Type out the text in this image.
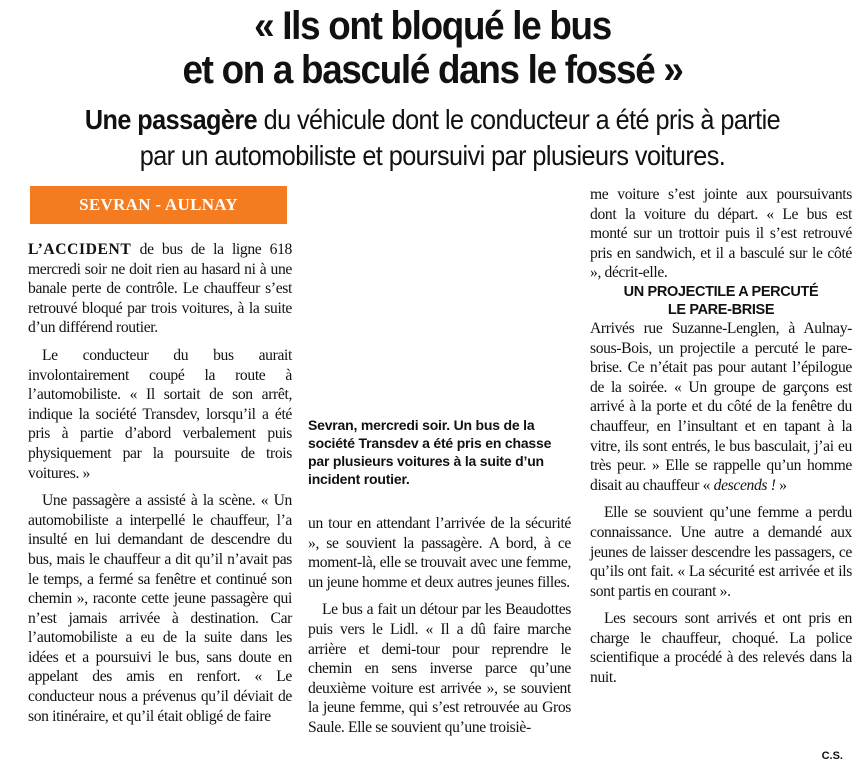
« Ils ont bloqué le bus
et on a basculé dans le fossé »

Une passagère du véhicule dont le conducteur a été pris à partie
par un automobiliste et poursuivi par plusieurs voitures.

SEVRAN - AULNAY

L’ACCIDENT de bus de la ligne 618 mercredi soir ne doit rien au hasard ni à une banale perte de contrôle. Le chauffeur s’est retrouvé bloqué par trois voitures, à la suite d’un différend routier.

Le conducteur du bus aurait involontairement coupé la route à l’automobiliste. « Il sortait de son arrêt, indique la société Transdev, lorsqu’il a été pris à partie d’abord verbalement puis physiquement par la poursuite de trois voitures. »

Une passagère a assisté à la scène. « Un automobiliste a interpellé le chauffeur, l’a insulté en lui demandant de descendre du bus, mais le chauffeur a dit qu’il n’avait pas le temps, a fermé sa fenêtre et continué son chemin », raconte cette jeune passagère qui n’est jamais arrivée à destination. Car l’automobiliste a eu de la suite dans les idées et a poursuivi le bus, sans doute en appelant des amis en renfort. « Le conducteur nous a prévenus qu’il déviait de son itinéraire, et qu’il était obligé de faire

Sevran, mercredi soir. Un bus de la société Transdev a été pris en chasse par plusieurs voitures à la suite d’un incident routier.

un tour en attendant l’arrivée de la sécurité », se souvient la passagère. A bord, à ce moment-là, elle se trouvait avec une femme, un jeune homme et deux autres jeunes filles.

Le bus a fait un détour par les Beaudottes puis vers le Lidl. « Il a dû faire marche arrière et demi-tour pour reprendre le chemin en sens inverse parce qu’une deuxième voiture est arrivée », se souvient la jeune femme, qui s’est retrouvée au Gros Saule. Elle se souvient qu’une troisiè-

me voiture s’est jointe aux poursuivants dont la voiture du départ. « Le bus est monté sur un trottoir puis il s’est retrouvé pris en sandwich, et il a basculé sur le côté », décrit-elle.

UN PROJECTILE A PERCUTÉ
LE PARE-BRISE

Arrivés rue Suzanne-Lenglen, à Aulnay-sous-Bois, un projectile a percuté le pare-brise. Ce n’était pas pour autant l’épilogue de la soirée. « Un groupe de garçons est arrivé à la porte et du côté de la fenêtre du chauffeur, en l’insultant et en tapant à la vitre, ils sont entrés, le bus basculait, j’ai eu très peur. » Elle se rappelle qu’un homme disait au chauffeur « descends ! »

Elle se souvient qu’une femme a perdu connaissance. Une autre a demandé aux jeunes de laisser descendre les passagers, ce qu’ils ont fait. « La sécurité est arrivée et ils sont partis en courant ».

Les secours sont arrivés et ont pris en charge le chauffeur, choqué. La police scientifique a procédé à des relevés dans la nuit.

C.S.
